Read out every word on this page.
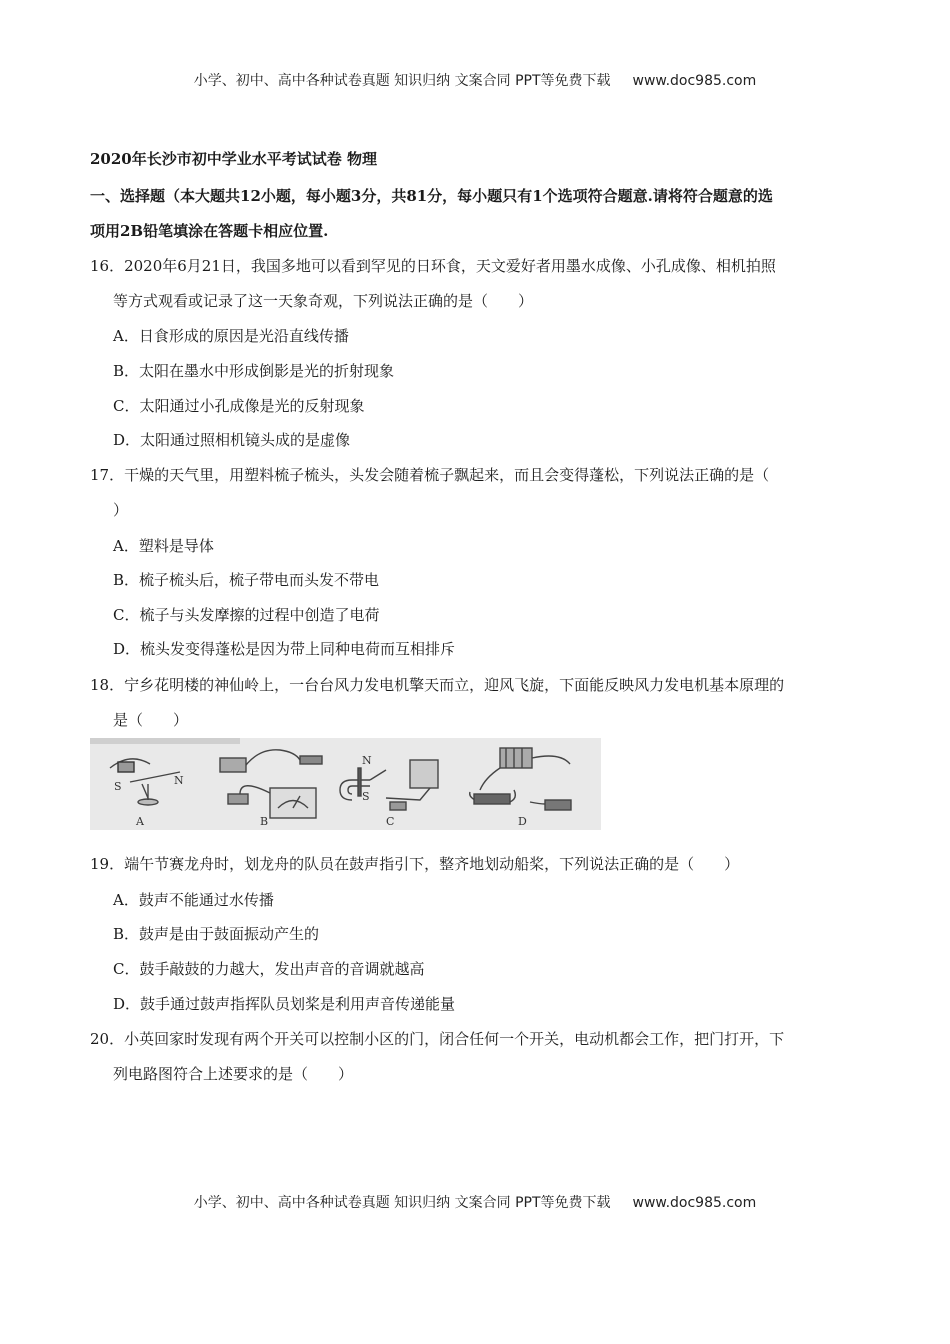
小学、初中、高中各种试卷真题 知识归纳 文案合同 PPT等免费下载 www.doc985.com
2020年长沙市初中学业水平考试试卷 物理
一、选择题（本大题共12小题，每小题3分，共81分，每小题只有1个选项符合题意.请将符合题意的选
项用2B铅笔填涂在答题卡相应位置.
16．2020年6月21日，我国多地可以看到罕见的日环食，天文爱好者用墨水成像、小孔成像、相机拍照
等方式观看或记录了这一天象奇观，下列说法正确的是（　　）
A．日食形成的原因是光沿直线传播
B．太阳在墨水中形成倒影是光的折射现象
C．太阳通过小孔成像是光的反射现象
D．太阳通过照相机镜头成的是虚像
17．干燥的天气里，用塑料梳子梳头，头发会随着梳子飘起来，而且会变得蓬松，下列说法正确的是（
）
A．塑料是导体
B．梳子梳头后，梳子带电而头发不带电
C．梳子与头发摩擦的过程中创造了电荷
D．梳头发变得蓬松是因为带上同种电荷而互相排斥
18．宁乡花明楼的神仙岭上，一台台风力发电机擎天而立，迎风飞旋，下面能反映风力发电机基本原理的
是（　　）
S	N
N
S
A	B	C	D
19．端午节赛龙舟时，划龙舟的队员在鼓声指引下，整齐地划动船桨，下列说法正确的是（　　）
A．鼓声不能通过水传播
B．鼓声是由于鼓面振动产生的
C．鼓手敲鼓的力越大，发出声音的音调就越高
D．鼓手通过鼓声指挥队员划桨是利用声音传递能量
20．小英回家时发现有两个开关可以控制小区的门，闭合任何一个开关，电动机都会工作，把门打开，下
列电路图符合上述要求的是（　　）
小学、初中、高中各种试卷真题 知识归纳 文案合同 PPT等免费下载 www.doc985.com
